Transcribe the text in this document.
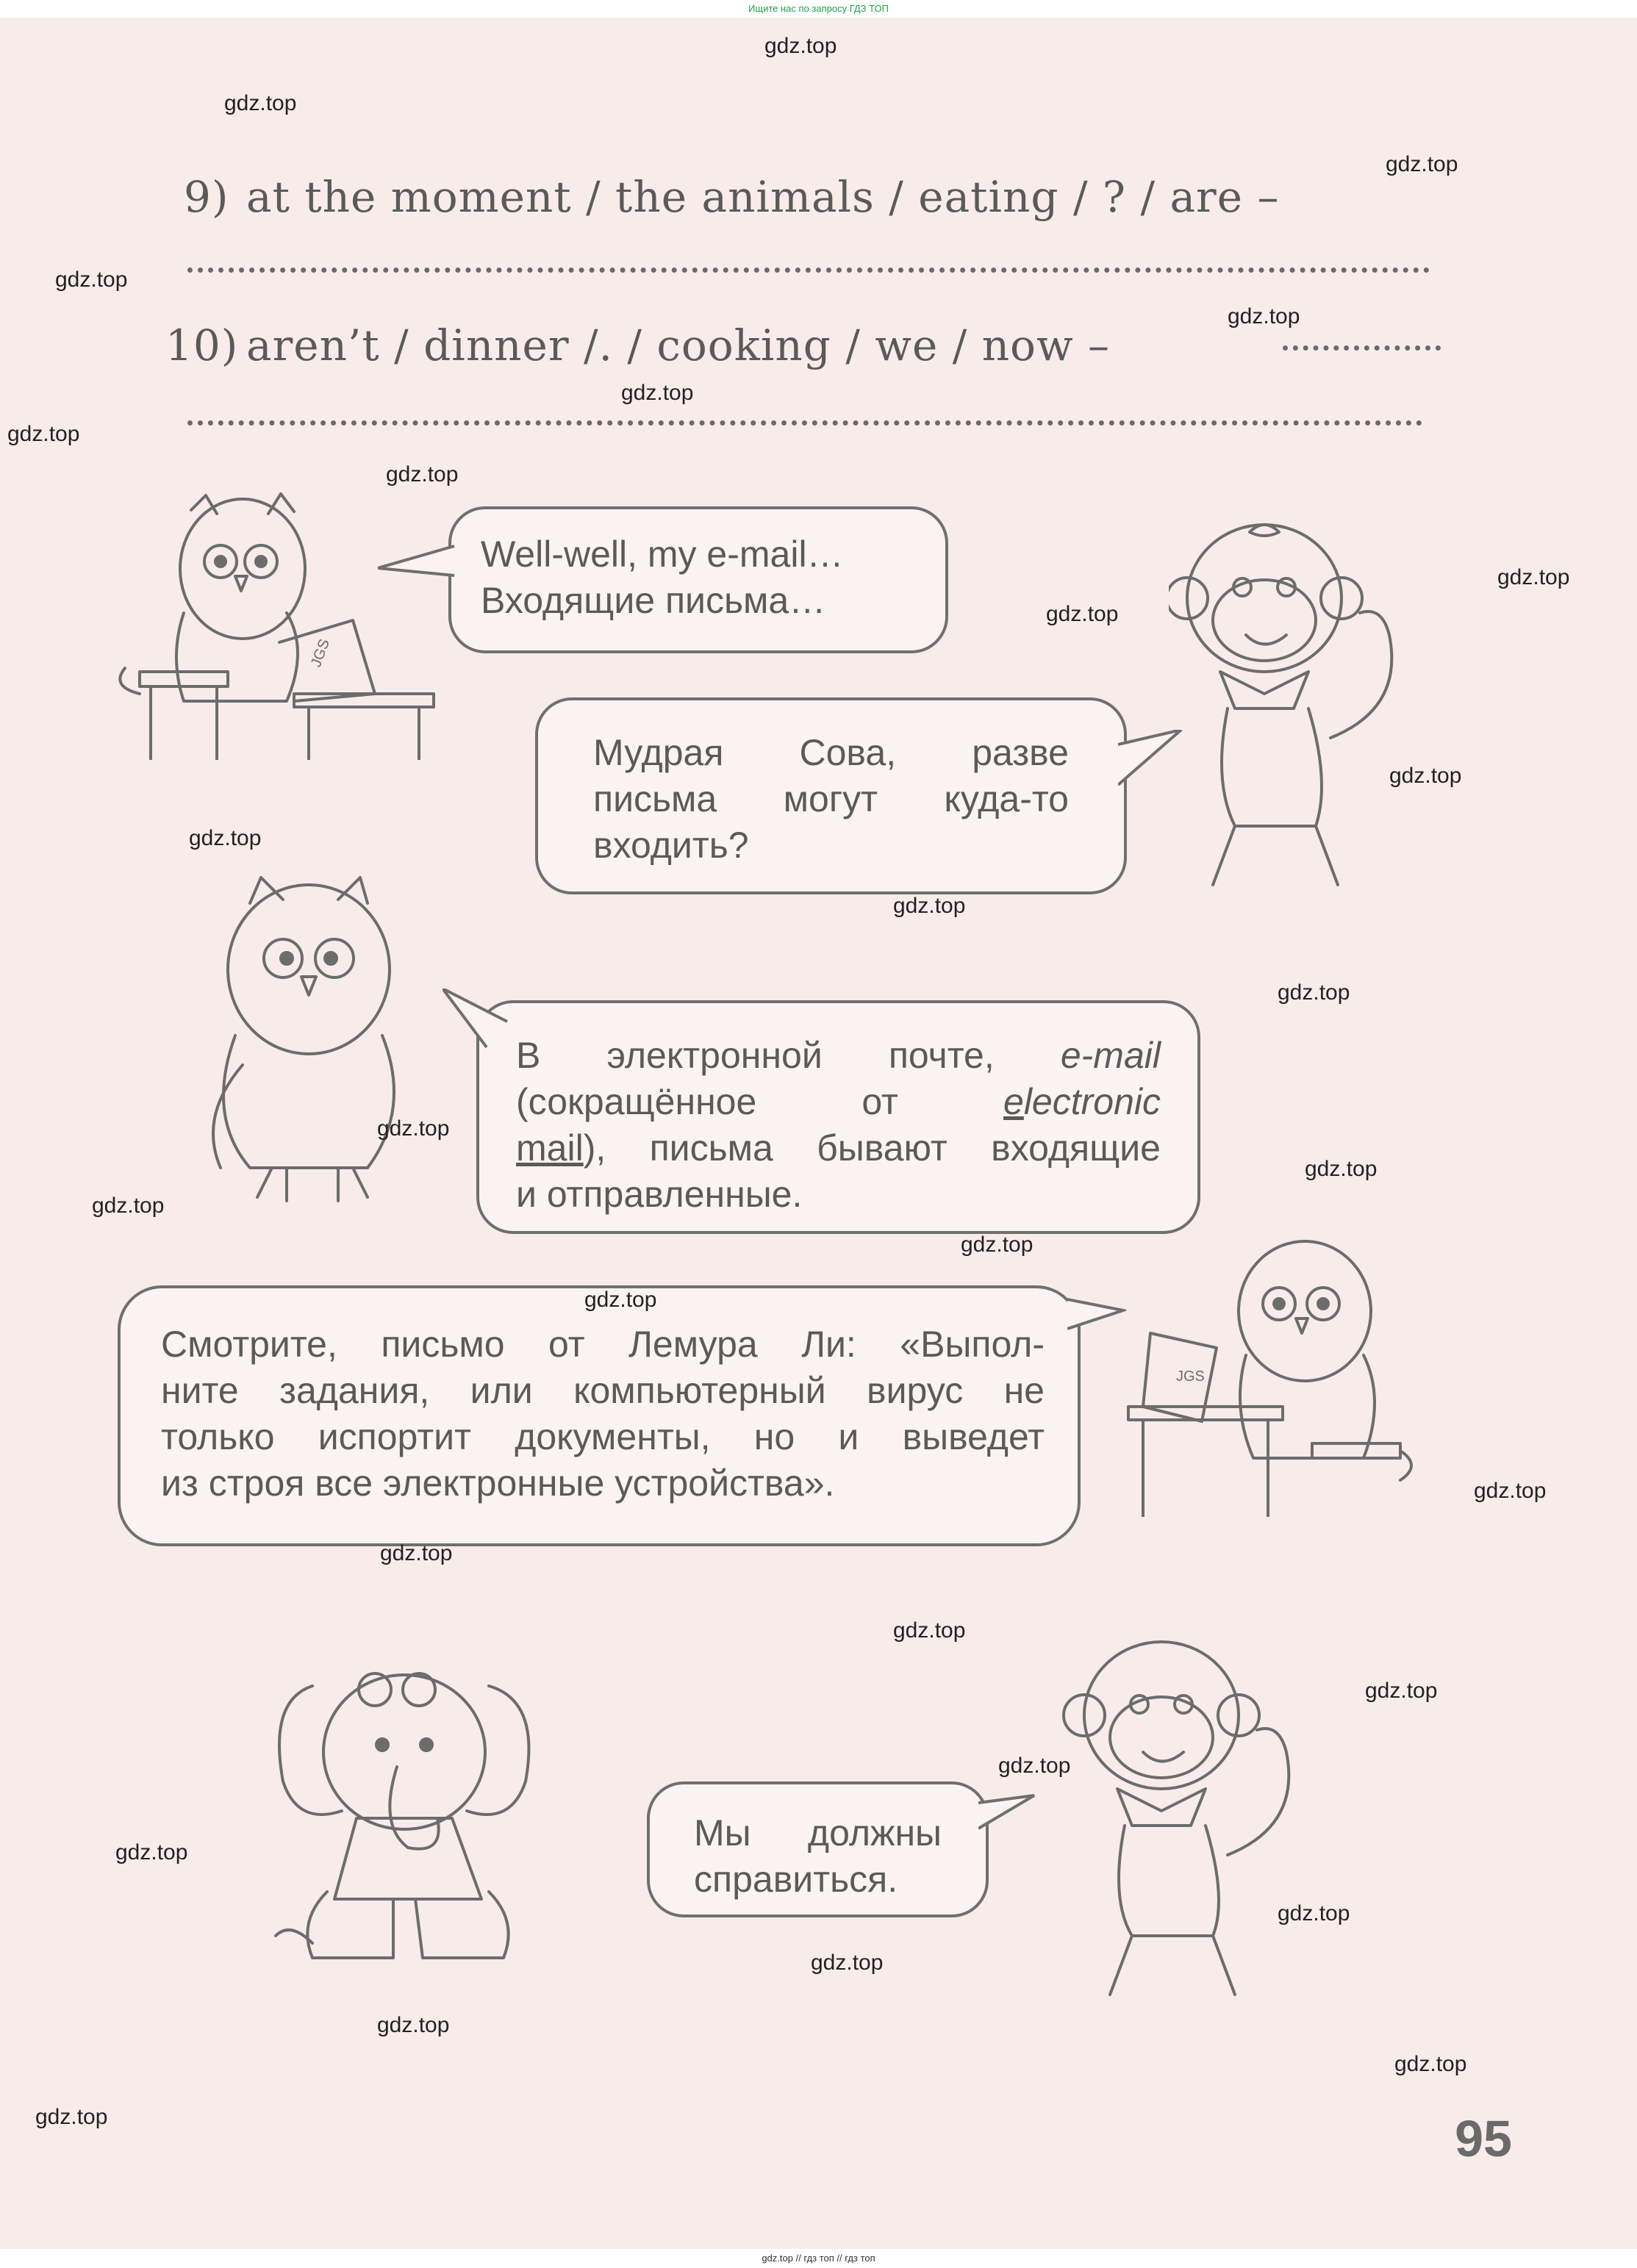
Ищите нас по запросу ГДЗ ТОП
9) at the moment / the animals / eating / ? / are –
10) aren’t / dinner /. / cooking / we / now –
JGS

Well-well, my e-mail…

Входящие письма…

Мудрая Сова, разве

письма могут куда-то

входить?

В электронной почте, e-mail

(сокращённое от	electronic

mail), письма бывают входящие

и отправленные.

Смотрите, письмо от Лемура Ли: «Выпол-

ните задания, или компьютерный вирус не

только испортит документы, но и выведет

из строя все электронные устройства».

JGS

Мы должны

справиться.

gdz.top
gdz.top
gdz.top
gdz.top
gdz.top
gdz.top
gdz.top
gdz.top
gdz.top
gdz.top
gdz.top
gdz.top
gdz.top
gdz.top
gdz.top
gdz.top
gdz.top
gdz.top
gdz.top
gdz.top
gdz.top
gdz.top
gdz.top
gdz.top
gdz.top
gdz.top
gdz.top
gdz.top
gdz.top
gdz.top	95
gdz.top // гдз топ // гдз топ
